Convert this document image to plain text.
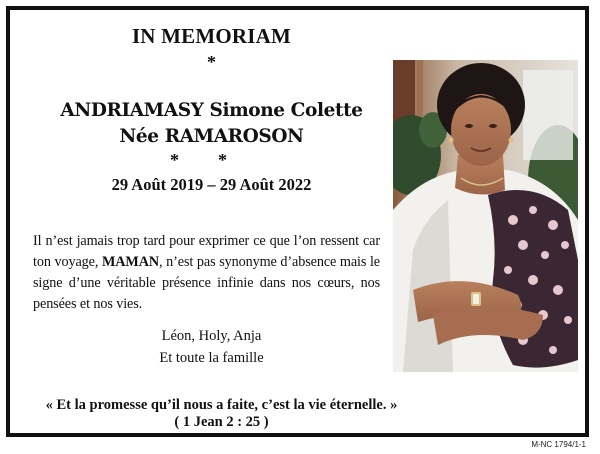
IN MEMORIAM
*
ANDRIAMASY Simone Colette
Née RAMAROSON
* *
29 Août 2019 – 29 Août 2022
Il n’est jamais trop tard pour exprimer ce que l’on ressent car ton voyage, MAMAN, n’est pas synonyme d’absence mais le signe d’une véritable présence infinie dans nos cœurs, nos pensées et nos vies.
Léon, Holy, Anja
Et toute la famille
« Et la promesse qu’il nous a faite, c’est la vie éternelle. »
( 1 Jean 2 : 25 )
M-NC 1794/1-1
